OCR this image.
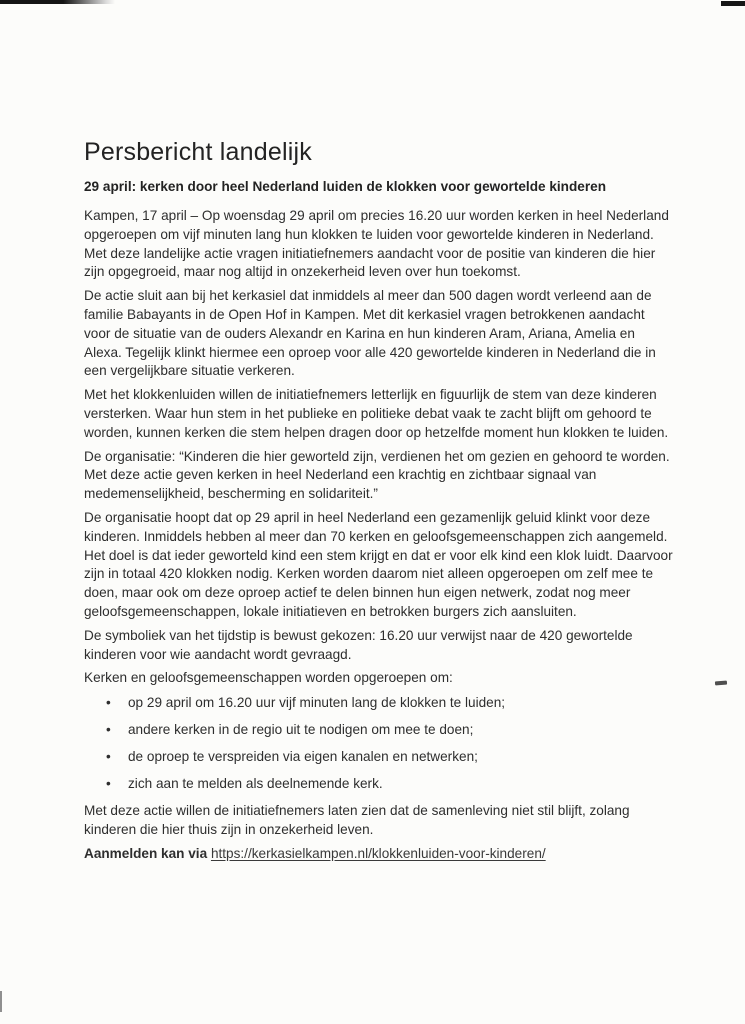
Persbericht landelijk
29 april: kerken door heel Nederland luiden de klokken voor gewortelde kinderen

Kampen, 17 april – Op woensdag 29 april om precies 16.20 uur worden kerken in heel Nederland opgeroepen om vijf minuten lang hun klokken te luiden voor gewortelde kinderen in Nederland. Met deze landelijke actie vragen initiatiefnemers aandacht voor de positie van kinderen die hier zijn opgegroeid, maar nog altijd in onzekerheid leven over hun toekomst.

De actie sluit aan bij het kerkasiel dat inmiddels al meer dan 500 dagen wordt verleend aan de familie Babayants in de Open Hof in Kampen. Met dit kerkasiel vragen betrokkenen aandacht voor de situatie van de ouders Alexandr en Karina en hun kinderen Aram, Ariana, Amelia en Alexa. Tegelijk klinkt hiermee een oproep voor alle 420 gewortelde kinderen in Nederland die in een vergelijkbare situatie verkeren.

Met het klokkenluiden willen de initiatiefnemers letterlijk en figuurlijk de stem van deze kinderen versterken. Waar hun stem in het publieke en politieke debat vaak te zacht blijft om gehoord te worden, kunnen kerken die stem helpen dragen door op hetzelfde moment hun klokken te luiden.

De organisatie: “Kinderen die hier geworteld zijn, verdienen het om gezien en gehoord te worden. Met deze actie geven kerken in heel Nederland een krachtig en zichtbaar signaal van medemenselijkheid, bescherming en solidariteit.”

De organisatie hoopt dat op 29 april in heel Nederland een gezamenlijk geluid klinkt voor deze kinderen. Inmiddels hebben al meer dan 70 kerken en geloofsgemeenschappen zich aangemeld. Het doel is dat ieder geworteld kind een stem krijgt en dat er voor elk kind een klok luidt. Daarvoor zijn in totaal 420 klokken nodig. Kerken worden daarom niet alleen opgeroepen om zelf mee te doen, maar ook om deze oproep actief te delen binnen hun eigen netwerk, zodat nog meer geloofsgemeenschappen, lokale initiatieven en betrokken burgers zich aansluiten.

De symboliek van het tijdstip is bewust gekozen: 16.20 uur verwijst naar de 420 gewortelde kinderen voor wie aandacht wordt gevraagd.

Kerken en geloofsgemeenschappen worden opgeroepen om:

• op 29 april om 16.20 uur vijf minuten lang de klokken te luiden;
• andere kerken in de regio uit te nodigen om mee te doen;
• de oproep te verspreiden via eigen kanalen en netwerken;
• zich aan te melden als deelnemende kerk.

Met deze actie willen de initiatiefnemers laten zien dat de samenleving niet stil blijft, zolang kinderen die hier thuis zijn in onzekerheid leven.

Aanmelden kan via https://kerkasielkampen.nl/klokkenluiden-voor-kinderen/
